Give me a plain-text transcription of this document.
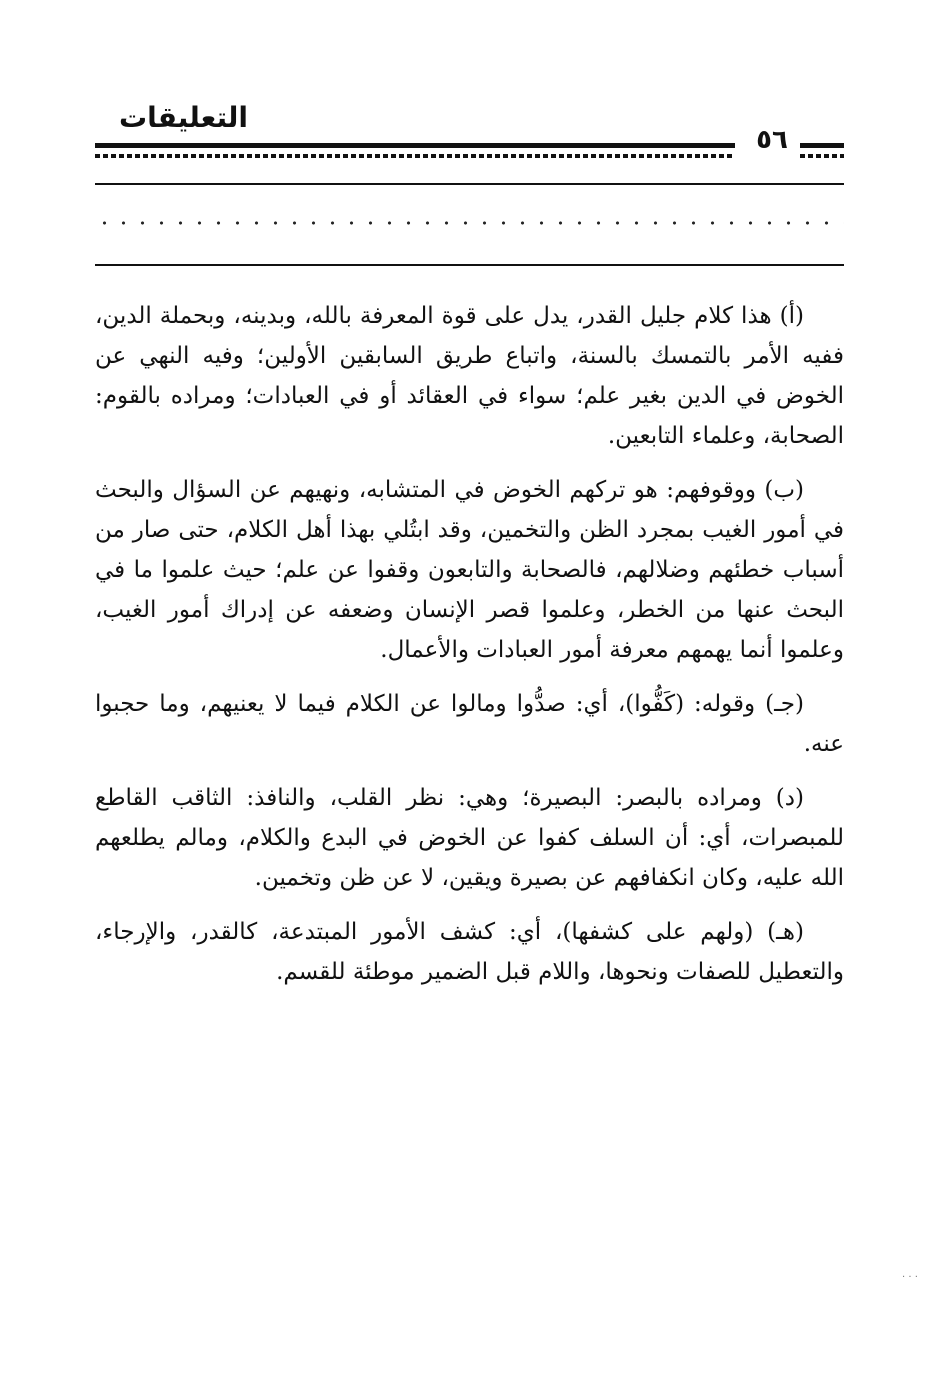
التعليقات
٥٦

(أ) هذا كلام جليل القدر، يدل على قوة المعرفة بالله، وبدينه، وبحملة الدين، ففيه الأمر بالتمسك بالسنة، واتباع طريق السابقين الأولين؛ وفيه النهي عن الخوض في الدين بغير علم؛ سواء في العقائد أو في العبادات؛ ومراده بالقوم: الصحابة، وعلماء التابعين.

(ب) ووقوفهم: هو تركهم الخوض في المتشابه، ونهيهم عن السؤال والبحث في أمور الغيب بمجرد الظن والتخمين، وقد ابتُلي بهذا أهل الكلام، حتى صار من أسباب خطئهم وضلالهم، فالصحابة والتابعون وقفوا عن علم؛ حيث علموا ما في البحث عنها من الخطر، وعلموا قصر الإنسان وضعفه عن إدراك أمور الغيب، وعلموا أنما يهمهم معرفة أمور العبادات والأعمال.

(جـ) وقوله: (كَفُّوا)، أي: صدُّوا ومالوا عن الكلام فيما لا يعنيهم، وما حجبوا عنه.

(د) ومراده بالبصر: البصيرة؛ وهي: نظر القلب، والنافذ: الثاقب القاطع للمبصرات، أي: أن السلف كفوا عن الخوض في البدع والكلام، ومالم يطلعهم الله عليه، وكان انكفافهم عن بصيرة ويقين، لا عن ظن وتخمين.

(هـ) (ولهم على كشفها)، أي: كشف الأمور المبتدعة، كالقدر، والإرجاء، والتعطيل للصفات ونحوها، واللام قبل الضمير موطئة للقسم.

· · ·
